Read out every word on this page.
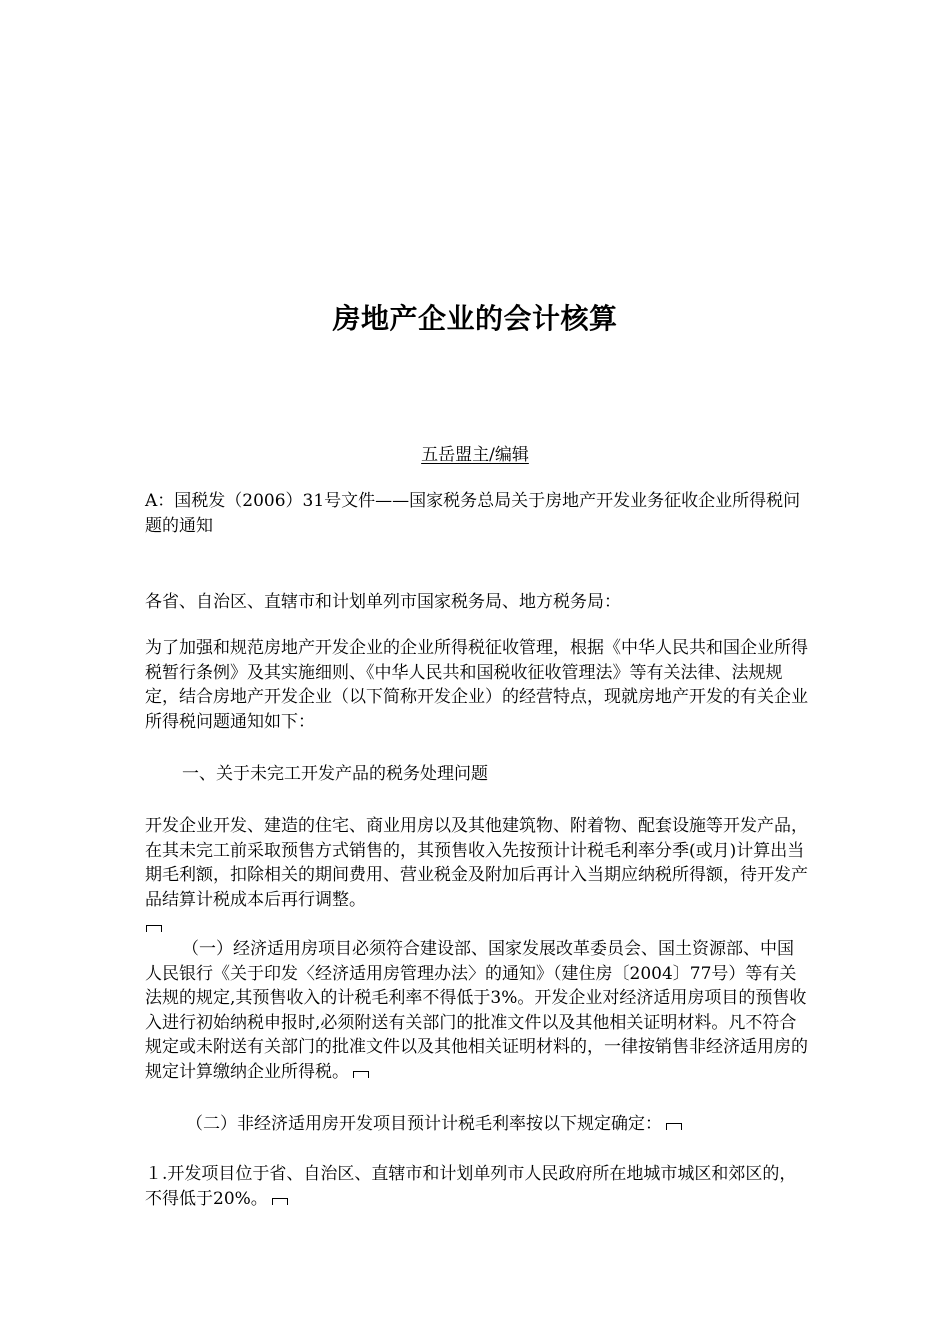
房地产企业的会计核算
五岳盟主/编辑

A：国税发（2006）31号文件——国家税务总局关于房地产开发业务征收企业所得税问题的通知

各省、自治区、直辖市和计划单列市国家税务局、地方税务局：

为了加强和规范房地产开发企业的企业所得税征收管理，根据《中华人民共和国企业所得税暂行条例》及其实施细则、《中华人民共和国税收征收管理法》等有关法律、法规规定，结合房地产开发企业（以下简称开发企业）的经营特点，现就房地产开发的有关企业所得税问题通知如下：

一、关于未完工开发产品的税务处理问题

开发企业开发、建造的住宅、商业用房以及其他建筑物、附着物、配套设施等开发产品，在其未完工前采取预售方式销售的，其预售收入先按预计计税毛利率分季(或月)计算出当期毛利额，扣除相关的期间费用、营业税金及附加后再计入当期应纳税所得额，待开发产品结算计税成本后再行调整。

（一）经济适用房项目必须符合建设部、国家发展改革委员会、国土资源部、中国人民银行《关于印发〈经济适用房管理办法〉的通知》（建住房〔2004〕77号）等有关法规的规定,其预售收入的计税毛利率不得低于3%。开发企业对经济适用房项目的预售收入进行初始纳税申报时,必须附送有关部门的批准文件以及其他相关证明材料。凡不符合规定或未附送有关部门的批准文件以及其他相关证明材料的，一律按销售非经济适用房的规定计算缴纳企业所得税。

（二）非经济适用房开发项目预计计税毛利率按以下规定确定：

１.开发项目位于省、自治区、直辖市和计划单列市人民政府所在地城市城区和郊区的，不得低于20%。
